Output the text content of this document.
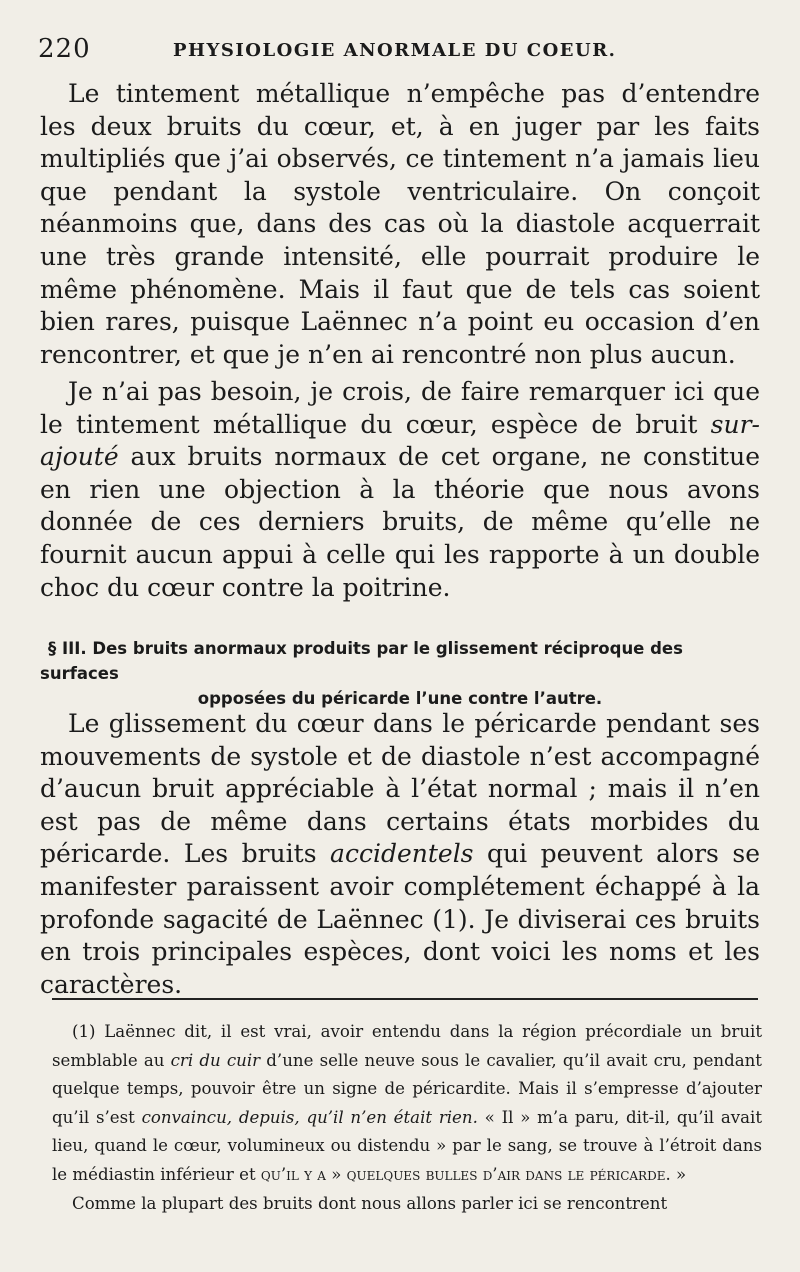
220	PHYSIOLOGIE ANORMALE DU COEUR.

Le tintement métallique n’empêche pas d’entendre les deux bruits du cœur, et, à en juger par les faits multipliés que j’ai observés, ce tintement n’a jamais lieu que pendant la systole ventriculaire. On conçoit néanmoins que, dans des cas où la diastole acquerrait une très grande intensité, elle pourrait produire le même phénomène. Mais il faut que de tels cas soient bien rares, puisque Laënnec n’a point eu occasion d’en rencontrer, et que je n’en ai rencontré non plus aucun.

Je n’ai pas besoin, je crois, de faire remarquer ici que le tintement métallique du cœur, espèce de bruit sur-ajouté aux bruits normaux de cet organe, ne constitue en rien une objection à la théorie que nous avons donnée de ces derniers bruits, de même qu’elle ne fournit aucun appui à celle qui les rapporte à un double choc du cœur contre la poitrine.

§ III. Des bruits anormaux produits par le glissement réciproque des surfaces
opposées du péricarde l’une contre l’autre.

Le glissement du cœur dans le péricarde pendant ses mouvements de systole et de diastole n’est accompagné d’aucun bruit appréciable à l’état normal ; mais il n’en est pas de même dans certains états morbides du péricarde. Les bruits accidentels qui peuvent alors se manifester paraissent avoir complétement échappé à la profonde sagacité de Laënnec (1). Je diviserai ces bruits en trois principales espèces, dont voici les noms et les caractères.

(1) Laënnec dit, il est vrai, avoir entendu dans la région précordiale un bruit semblable au cri du cuir d’une selle neuve sous le cavalier, qu’il avait cru, pendant quelque temps, pouvoir être un signe de péricardite. Mais il s’empresse d’ajouter qu’il s’est convaincu, depuis, qu’il n’en était rien. « Il » m’a paru, dit-il, qu’il avait lieu, quand le cœur, volumineux ou distendu » par le sang, se trouve à l’étroit dans le médiastin inférieur et qu’il y a » quelques bulles d’air dans le péricarde. »

Comme la plupart des bruits dont nous allons parler ici se rencontrent
